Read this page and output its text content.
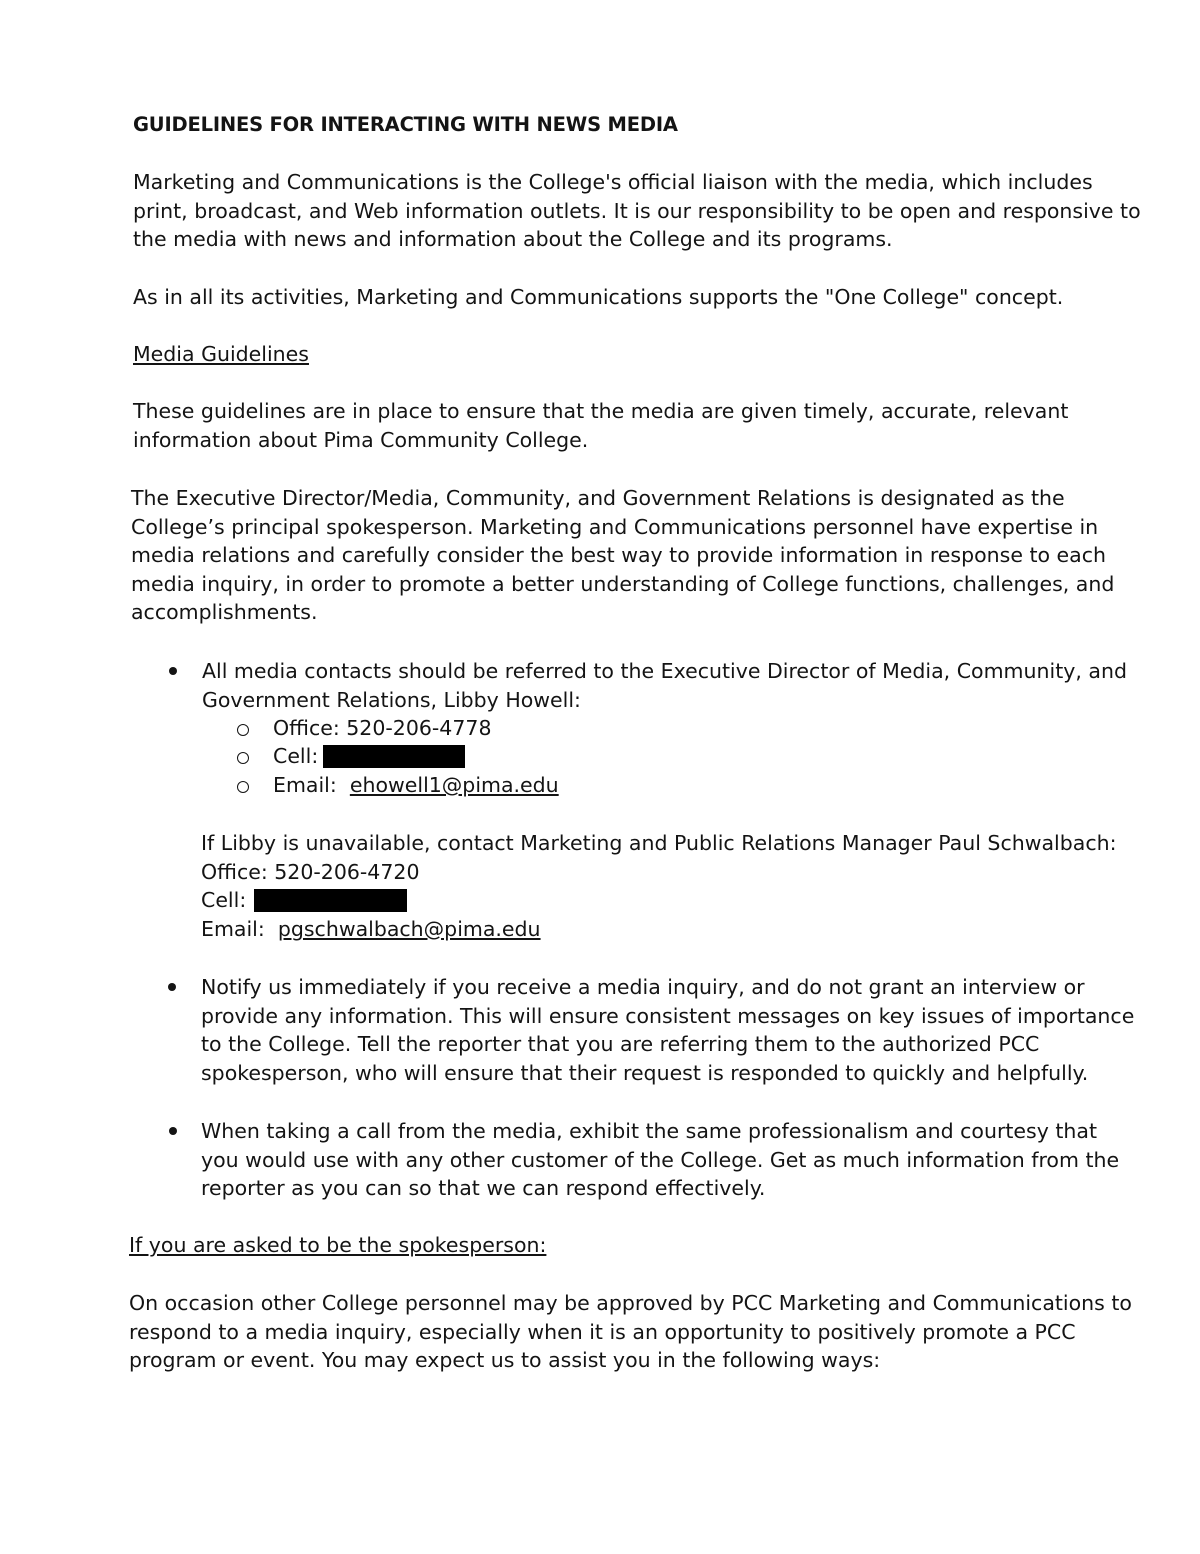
GUIDELINES FOR INTERACTING WITH NEWS MEDIA

Marketing and Communications is the College's official liaison with the media, which includes print, broadcast, and Web information outlets. It is our responsibility to be open and responsive to the media with news and information about the College and its programs.

As in all its activities, Marketing and Communications supports the "One College" concept.

Media Guidelines

These guidelines are in place to ensure that the media are given timely, accurate, relevant information about Pima Community College.

The Executive Director/Media, Community, and Government Relations is designated as the College’s principal spokesperson. Marketing and Communications personnel have expertise in media relations and carefully consider the best way to provide information in response to each media inquiry, in order to promote a better understanding of College functions, challenges, and accomplishments.

All media contacts should be referred to the Executive Director of Media, Community, and Government Relations, Libby Howell:

Office: 520-206-4778
Cell:
Email: ehowell1@pima.edu
If Libby is unavailable, contact Marketing and Public Relations Manager Paul Schwalbach:
Office: 520-206-4720
Cell:
Email: pgschwalbach@pima.edu

Notify us immediately if you receive a media inquiry, and do not grant an interview or provide any information. This will ensure consistent messages on key issues of importance to the College. Tell the reporter that you are referring them to the authorized PCC spokesperson, who will ensure that their request is responded to quickly and helpfully.

When taking a call from the media, exhibit the same professionalism and courtesy that you would use with any other customer of the College. Get as much information from the reporter as you can so that we can respond effectively.

If you are asked to be the spokesperson:

On occasion other College personnel may be approved by PCC Marketing and Communications to respond to a media inquiry, especially when it is an opportunity to positively promote a PCC program or event. You may expect us to assist you in the following ways:
